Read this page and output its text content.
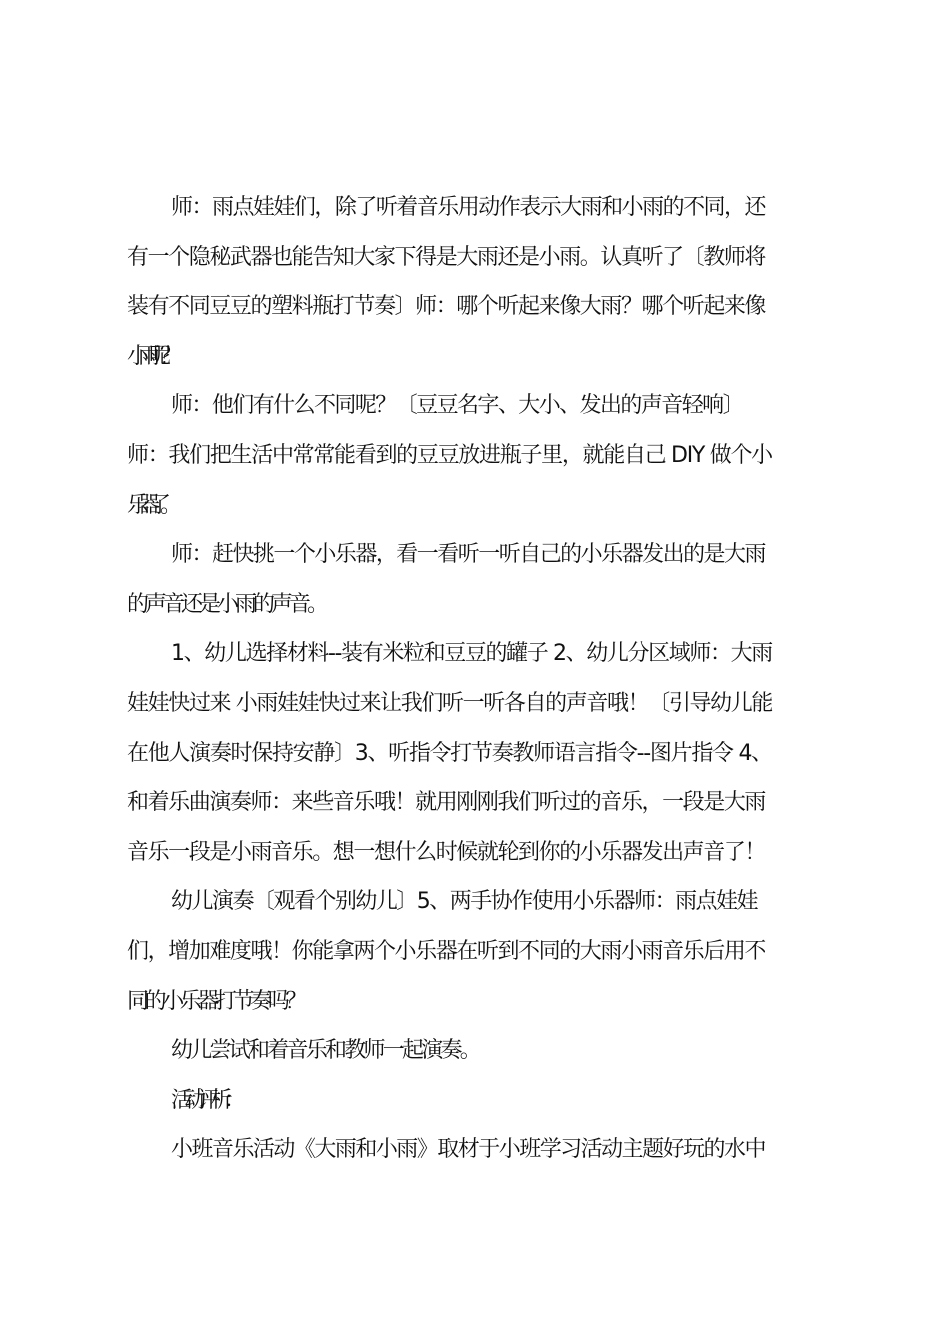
师：雨点娃娃们，除了听着音乐用动作表示大雨和小雨的不同，还
有一个隐秘武器也能告知大家下得是大雨还是小雨。认真听了〔教师将
装有不同豆豆的塑料瓶打节奏〕师：哪个听起来像大雨？哪个听起来像
小雨呢？

师：他们有什么不同呢？〔豆豆名字、大小、发出的声音轻响〕
师：我们把生活中常常能看到的豆豆放进瓶子里，就能自己 DIY 做个小
乐器了。

师：赶快挑一个小乐器，看一看听一听自己的小乐器发出的是大雨
的声音还是小雨的声音。

1、幼儿选择材料--装有米粒和豆豆的罐子 2、幼儿分区域师：大雨
娃娃快过来 小雨娃娃快过来让我们听一听各自的声音哦！〔引导幼儿能
在他人演奏时保持安静〕3、听指令打节奏教师语言指令--图片指令 4、
和着乐曲演奏师：来些音乐哦！就用刚刚我们听过的音乐，一段是大雨
音乐一段是小雨音乐。想一想什么时候就轮到你的小乐器发出声音了！

幼儿演奏〔观看个别幼儿〕5、两手协作使用小乐器师：雨点娃娃
们，增加难度哦！你能拿两个小乐器在听到不同的大雨小雨音乐后用不
同的小乐器打节奏吗？

幼儿尝试和着音乐和教师一起演奏。

活动评析：

小班音乐活动《大雨和小雨》取材于小班学习活动主题好玩的水中
